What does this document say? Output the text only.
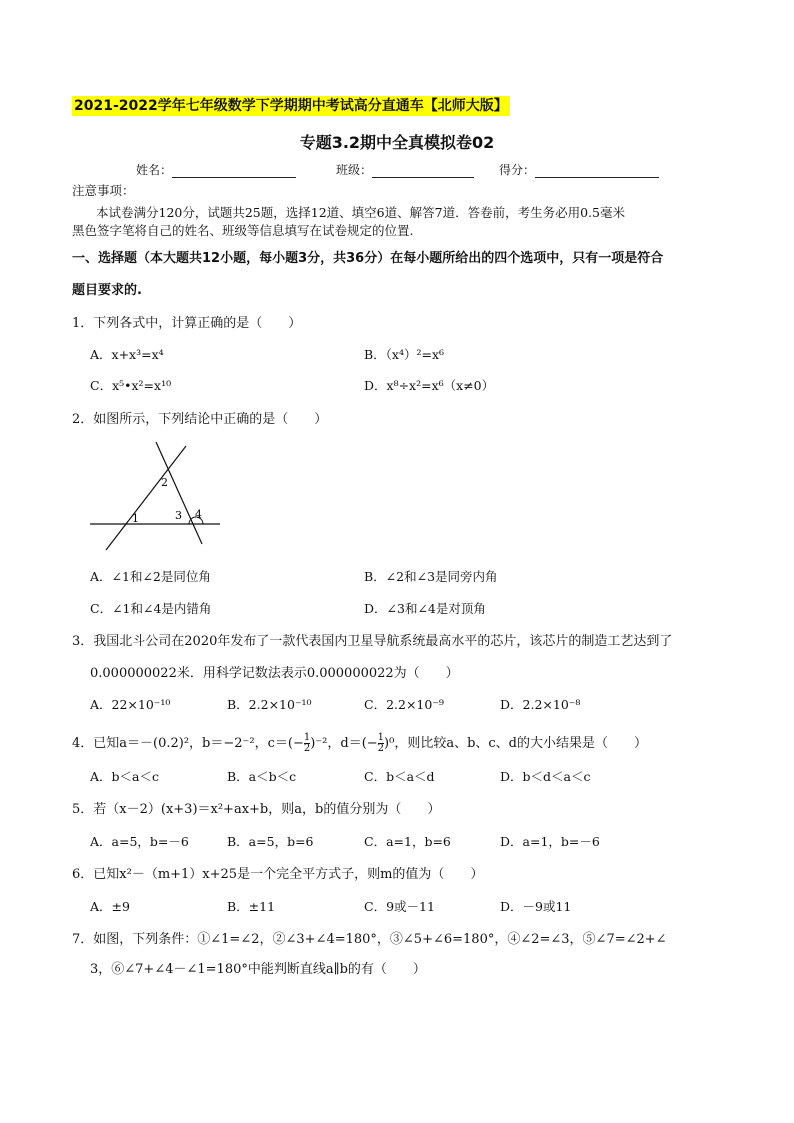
2021-2022学年七年级数学下学期期中考试高分直通车【北师大版】
专题3.2期中全真模拟卷02
姓名：	班级：	得分：
注意事项：
本试卷满分120分，试题共25题，选择12道、填空6道、解答7道．答卷前，考生务必用0.5毫米
黑色签字笔将自己的姓名、班级等信息填写在试卷规定的位置.
一、选择题（本大题共12小题，每小题3分，共36分）在每小题所给出的四个选项中，只有一项是符合
题目要求的.
1．下列各式中，计算正确的是（　　）
A．x+x³=x⁴	B．（x⁴）²=x⁶
C．x⁵•x²=x¹⁰	D．x⁸÷x²=x⁶（x≠0）
2．如图所示，下列结论中正确的是（　　）
1
2
3 4
A．∠1和∠2是同位角	B．∠2和∠3是同旁内角
C．∠1和∠4是内错角	D．∠3和∠4是对顶角
3．我国北斗公司在2020年发布了一款代表国内卫星导航系统最高水平的芯片，该芯片的制造工艺达到了
0.000000022米．用科学记数法表示0.000000022为（　　）
A．22×10⁻¹⁰	B．2.2×10⁻¹⁰	C．2.2×10⁻⁹	D．2.2×10⁻⁸
4．已知a＝－(0.2)²，b＝−2⁻²，$c=(- \frac{1}{2} )^{-2}$，$d=(- \frac{1}{2} )^0$，则比较a、b、c、d的大小结果是（　　）
A．b＜a＜c	B．a＜b＜c	C．b＜a＜d	D．b＜d＜a＜c
5．若（x－2）(x+3)＝x²+ax+b，则a，b的值分别为（　　）
A．a=5，b=－6	B．a=5，b=6	C．a=1，b=6	D．a=1，b=－6
6．已知x²－（m+1）x+25是一个完全平方式子，则m的值为（　　）
A．±9	B．±11	C．9或－11	D．－9或11
7．如图，下列条件：①∠1=∠2，②∠3+∠4=180°，③∠5+∠6=180°，④∠2=∠3，⑤∠7=∠2+∠
3，⑥∠7+∠4－∠1=180°中能判断直线a∥b的有（　　）
